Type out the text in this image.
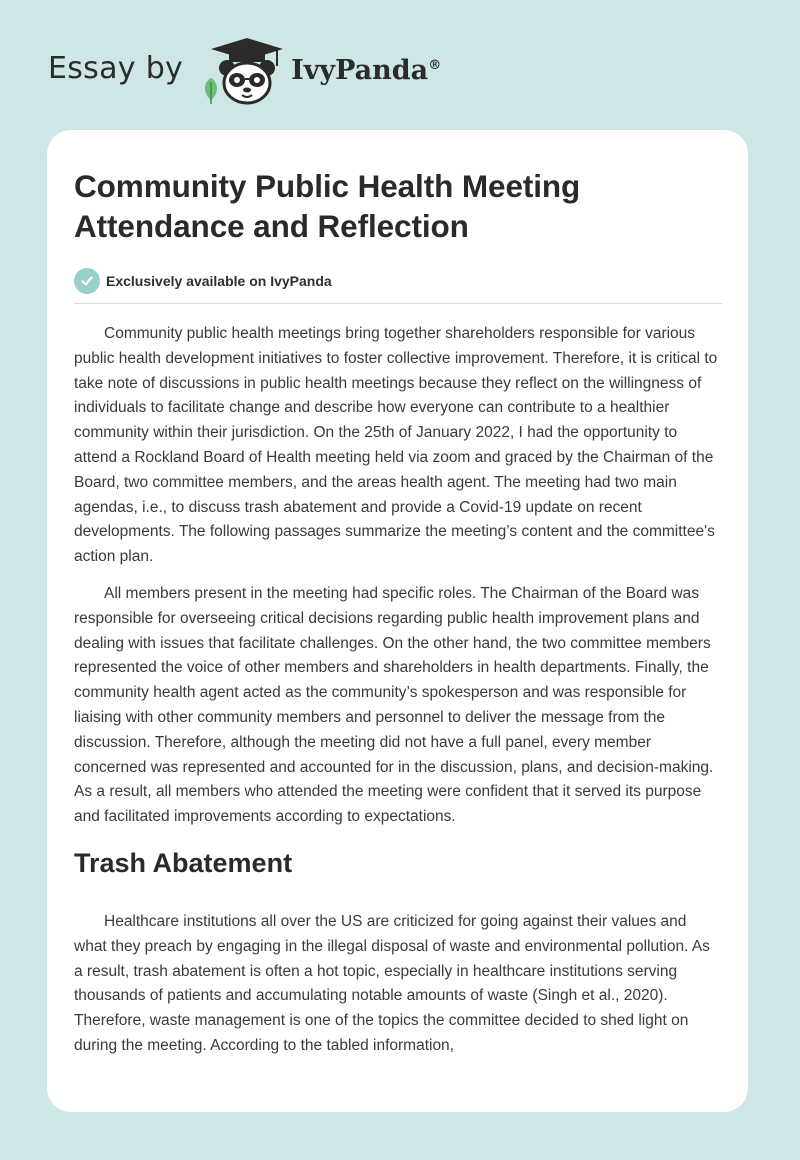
Essay by	IvyPanda®
Community Public Health Meeting Attendance and Reflection
Exclusively available on IvyPanda

Community public health meetings bring together shareholders responsible for various public health development initiatives to foster collective improvement. Therefore, it is critical to take note of discussions in public health meetings because they reflect on the willingness of individuals to facilitate change and describe how everyone can contribute to a healthier community within their jurisdiction. On the 25th of January 2022, I had the opportunity to attend a Rockland Board of Health meeting held via zoom and graced by the Chairman of the Board, two committee members, and the areas health agent. The meeting had two main agendas, i.e., to discuss trash abatement and provide a Covid-19 update on recent developments. The following passages summarize the meeting’s content and the committee's action plan.

All members present in the meeting had specific roles. The Chairman of the Board was responsible for overseeing critical decisions regarding public health improvement plans and dealing with issues that facilitate challenges. On the other hand, the two committee members represented the voice of other members and shareholders in health departments. Finally, the community health agent acted as the community’s spokesperson and was responsible for liaising with other community members and personnel to deliver the message from the discussion. Therefore, although the meeting did not have a full panel, every member concerned was represented and accounted for in the discussion, plans, and decision-making. As a result, all members who attended the meeting were confident that it served its purpose and facilitated improvements according to expectations.

Trash Abatement

Healthcare institutions all over the US are criticized for going against their values and what they preach by engaging in the illegal disposal of waste and environmental pollution. As a result, trash abatement is often a hot topic, especially in healthcare institutions serving thousands of patients and accumulating notable amounts of waste (Singh et al., 2020). Therefore, waste management is one of the topics the committee decided to shed light on during the meeting. According to the tabled information,
